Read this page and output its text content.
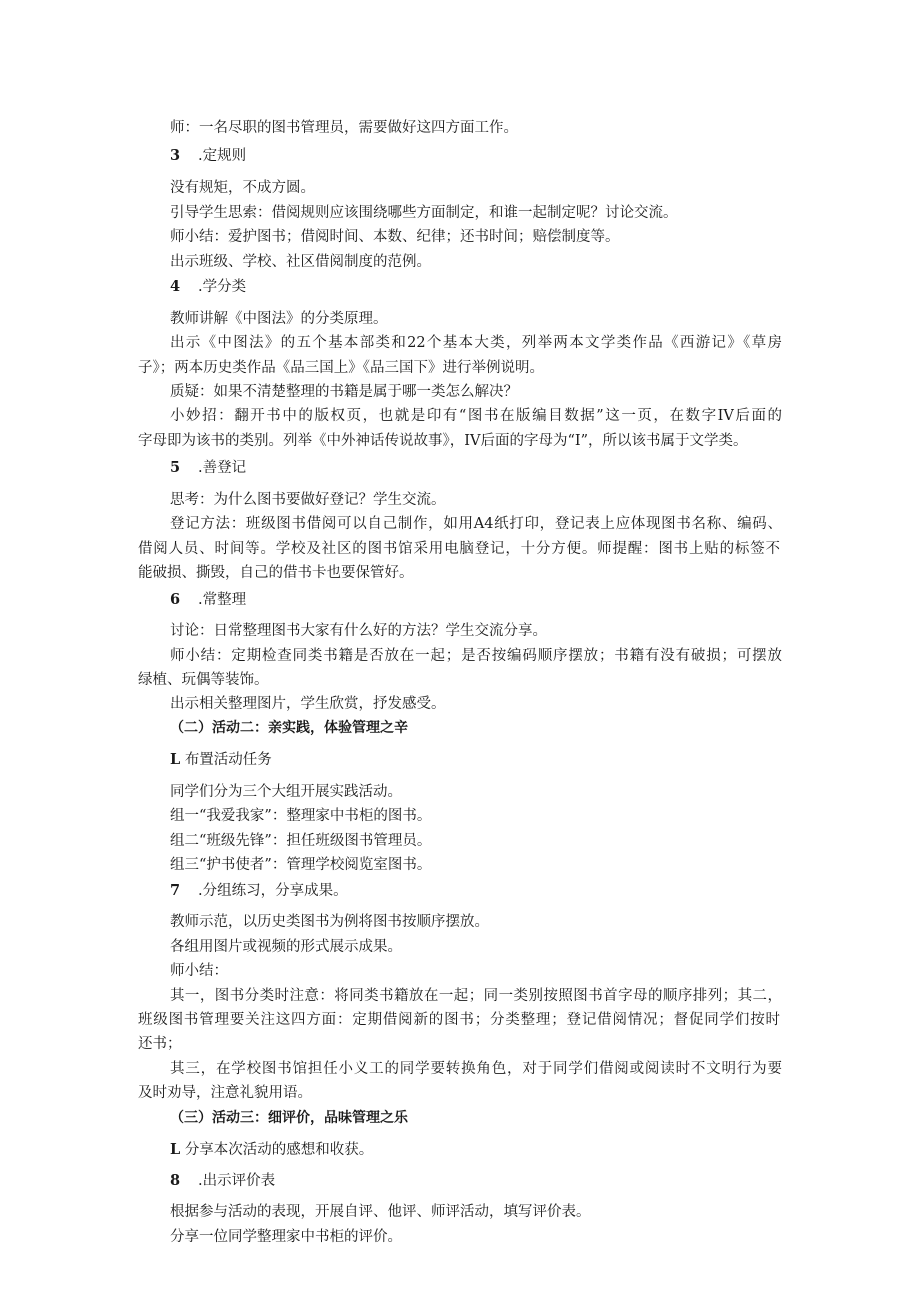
师：一名尽职的图书管理员，需要做好这四方面工作。
3 .定规则
没有规矩，不成方圆。
引导学生思索：借阅规则应该围绕哪些方面制定，和谁一起制定呢？讨论交流。
师小结：爱护图书；借阅时间、本数、纪律；还书时间；赔偿制度等。
出示班级、学校、社区借阅制度的范例。
4 .学分类
教师讲解《中图法》的分类原理。
出示《中图法》的五个基本部类和22个基本大类，列举两本文学类作品《西游记》《草房
子》；两本历史类作品《品三国上》《品三国下》进行举例说明。
质疑：如果不清楚整理的书籍是属于哪一类怎么解决？
小妙招：翻开书中的版权页，也就是印有“图书在版编目数据”这一页，在数字IV后面的
字母即为该书的类别。列举《中外神话传说故事》，IV后面的字母为“I”，所以该书属于文学类。
5 .善登记
思考：为什么图书要做好登记？学生交流。
登记方法：班级图书借阅可以自己制作，如用A4纸打印，登记表上应体现图书名称、编码、
借阅人员、时间等。学校及社区的图书馆采用电脑登记，十分方便。师提醒：图书上贴的标签不
能破损、撕毁，自己的借书卡也要保管好。
6 .常整理
讨论：日常整理图书大家有什么好的方法？学生交流分享。
师小结：定期检查同类书籍是否放在一起；是否按编码顺序摆放；书籍有没有破损；可摆放
绿植、玩偶等装饰。
出示相关整理图片，学生欣赏，抒发感受。
（二）活动二：亲实践，体验管理之辛
L 布置活动任务
同学们分为三个大组开展实践活动。
组一“我爱我家”：整理家中书柜的图书。
组二“班级先锋”：担任班级图书管理员。
组三“护书使者”：管理学校阅览室图书。
7 .分组练习，分享成果。
教师示范，以历史类图书为例将图书按顺序摆放。
各组用图片或视频的形式展示成果。
师小结：
其一，图书分类时注意：将同类书籍放在一起；同一类别按照图书首字母的顺序排列；其二，
班级图书管理要关注这四方面：定期借阅新的图书；分类整理；登记借阅情况；督促同学们按时
还书；
其三，在学校图书馆担任小义工的同学要转换角色，对于同学们借阅或阅读时不文明行为要
及时劝导，注意礼貌用语。
（三）活动三：细评价，品味管理之乐
L 分享本次活动的感想和收获。
8 .出示评价表
根据参与活动的表现，开展自评、他评、师评活动，填写评价表。
分享一位同学整理家中书柜的评价。
